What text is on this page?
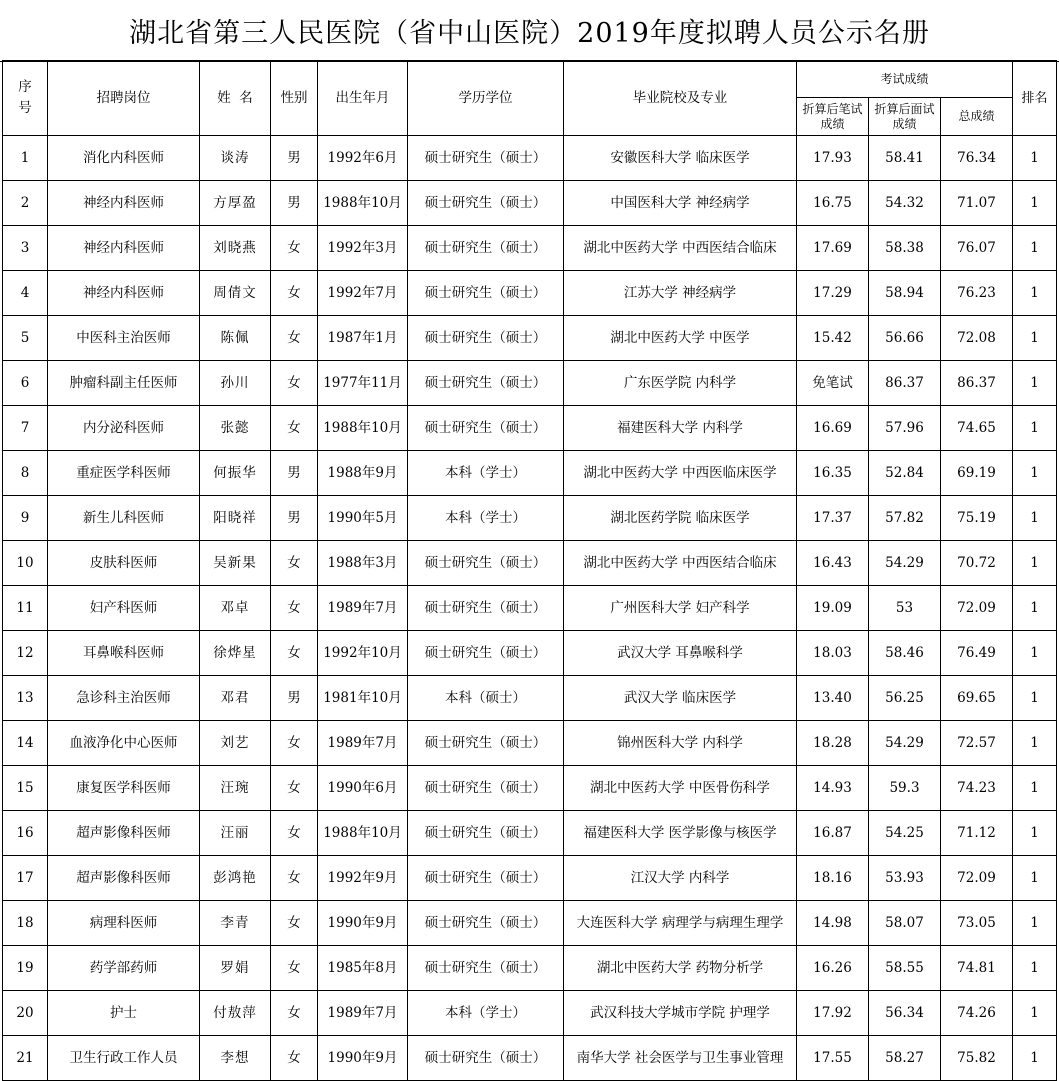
湖北省第三人民医院（省中山医院）2019年度拟聘人员公示名册
序号	招聘岗位	姓  名	性别	出生年月	学历学位	毕业院校及专业	考试成绩			排名
							折算后笔试成绩	折算后面试成绩	总成绩	
1	消化内科医师	谈涛	男	1992年6月	硕士研究生（硕士）	安徽医科大学 临床医学	17.93	58.41	76.34	1
2	神经内科医师	方厚盈	男	1988年10月	硕士研究生（硕士）	中国医科大学 神经病学	16.75	54.32	71.07	1
3	神经内科医师	刘晓燕	女	1992年3月	硕士研究生（硕士）	湖北中医药大学 中西医结合临床	17.69	58.38	76.07	1
4	神经内科医师	周倩文	女	1992年7月	硕士研究生（硕士）	江苏大学 神经病学	17.29	58.94	76.23	1
5	中医科主治医师	陈佩	女	1987年1月	硕士研究生（硕士）	湖北中医药大学 中医学	15.42	56.66	72.08	1
6	肿瘤科副主任医师	孙川	女	1977年11月	硕士研究生（硕士）	广东医学院 内科学	免笔试	86.37	86.37	1
7	内分泌科医师	张懿	女	1988年10月	硕士研究生（硕士）	福建医科大学 内科学	16.69	57.96	74.65	1
8	重症医学科医师	何振华	男	1988年9月	本科（学士）	湖北中医药大学 中西医临床医学	16.35	52.84	69.19	1
9	新生儿科医师	阳晓祥	男	1990年5月	本科（学士）	湖北医药学院 临床医学	17.37	57.82	75.19	1
10	皮肤科医师	吴新果	女	1988年3月	硕士研究生（硕士）	湖北中医药大学 中西医结合临床	16.43	54.29	70.72	1
11	妇产科医师	邓卓	女	1989年7月	硕士研究生（硕士）	广州医科大学 妇产科学	19.09	53	72.09	1
12	耳鼻喉科医师	徐烨星	女	1992年10月	硕士研究生（硕士）	武汉大学 耳鼻喉科学	18.03	58.46	76.49	1
13	急诊科主治医师	邓君	男	1981年10月	本科（硕士）	武汉大学 临床医学	13.40	56.25	69.65	1
14	血液净化中心医师	刘艺	女	1989年7月	硕士研究生（硕士）	锦州医科大学 内科学	18.28	54.29	72.57	1
15	康复医学科医师	汪琬	女	1990年6月	硕士研究生（硕士）	湖北中医药大学 中医骨伤科学	14.93	59.3	74.23	1
16	超声影像科医师	汪丽	女	1988年10月	硕士研究生（硕士）	福建医科大学 医学影像与核医学	16.87	54.25	71.12	1
17	超声影像科医师	彭鸿艳	女	1992年9月	硕士研究生（硕士）	江汉大学 内科学	18.16	53.93	72.09	1
18	病理科医师	李青	女	1990年9月	硕士研究生（硕士）	大连医科大学 病理学与病理生理学	14.98	58.07	73.05	1
19	药学部药师	罗娟	女	1985年8月	硕士研究生（硕士）	湖北中医药大学 药物分析学	16.26	58.55	74.81	1
20	护士	付敖萍	女	1989年7月	本科（学士）	武汉科技大学城市学院 护理学	17.92	56.34	74.26	1
21	卫生行政工作人员	李想	女	1990年9月	硕士研究生（硕士）	南华大学 社会医学与卫生事业管理	17.55	58.27	75.82	1
